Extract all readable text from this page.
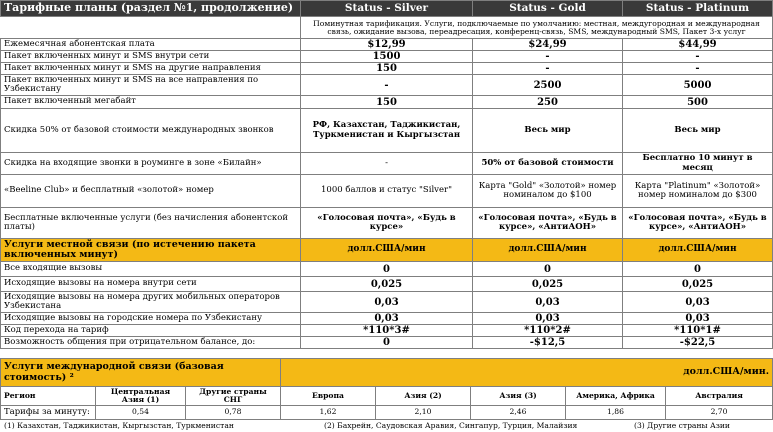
Тарифные планы (раздел №1, продолжение)	Status - Silver	Status - Gold	Status - Platinum
	Поминутная тарификация. Услуги, подключаемые по умолчанию: местная, междугородная и международная связь, ожидание вызова, переадресация, конференц-связь, SMS, международный SMS, Пакет 3-х услуг		
Ежемесячная абонентская плата	$12,99	$24,99	$44,99
Пакет включенных минут и SMS внутри сети	1500	-	-
Пакет включенных минут и SMS на другие направления	150	-	-
Пакет включенных минут и SMS на все направления по Узбекистану	-	2500	5000
Пакет включенный мегабайт	150	250	500
Скидка 50% от базовой стоимости международных звонков	РФ, Казахстан, Таджикистан, Туркменистан и Кыргызстан	Весь мир	Весь мир
Скидка на входящие звонки в роуминге в зоне «Билайн»	-	50% от базовой стоимости	Бесплатно 10 минут в месяц
«Beeline Club» и бесплатный «золотой» номер	1000 баллов и статус "Silver"	Карта "Gold" «Золотой» номер номиналом до $100	Карта "Platinum" «Золотой» номер номиналом до $300
Бесплатные включенные услуги (без начисления абонентской платы)	«Голосовая почта», «Будь в курсе»	«Голосовая почта», «Будь в курсе», «АнтиАОН»	«Голосовая почта», «Будь в курсе», «АнтиАОН»
Услуги местной связи (по истечению пакета включенных минут)	долл.США/мин	долл.США/мин	долл.США/мин
Все входящие вызовы	0	0	0
Исходящие вызовы на номера внутри сети	0,025	0,025	0,025
Исходящие вызовы на номера других мобильных операторов Узбекистана	0,03	0,03	0,03
Исходящие вызовы на городские номера по Узбекистану	0,03	0,03	0,03
Код перехода на тариф	*110*3#	*110*2#	*110*1#
Возможность общения при отрицательном балансе, до:	0	-$12,5	-$22,5
Услуги международной связи (базовая стоимость) ²			долл.США/мин.				
Регион	Центральная Азия (1)	Другие страны СНГ	Европа	Азия (2)	Азия (3)	Америка, Африка	Австралия
Тарифы за минуту:	0,54	0,78	1,62	2,10	2,46	1,86	2,70
(1) Казахстан, Таджикистан, Кыргызстан, Туркменистан	(2) Бахрейн, Саудовская Аравия, Сингапур, Турция, Малайзия	(3) Другие страны Азии
